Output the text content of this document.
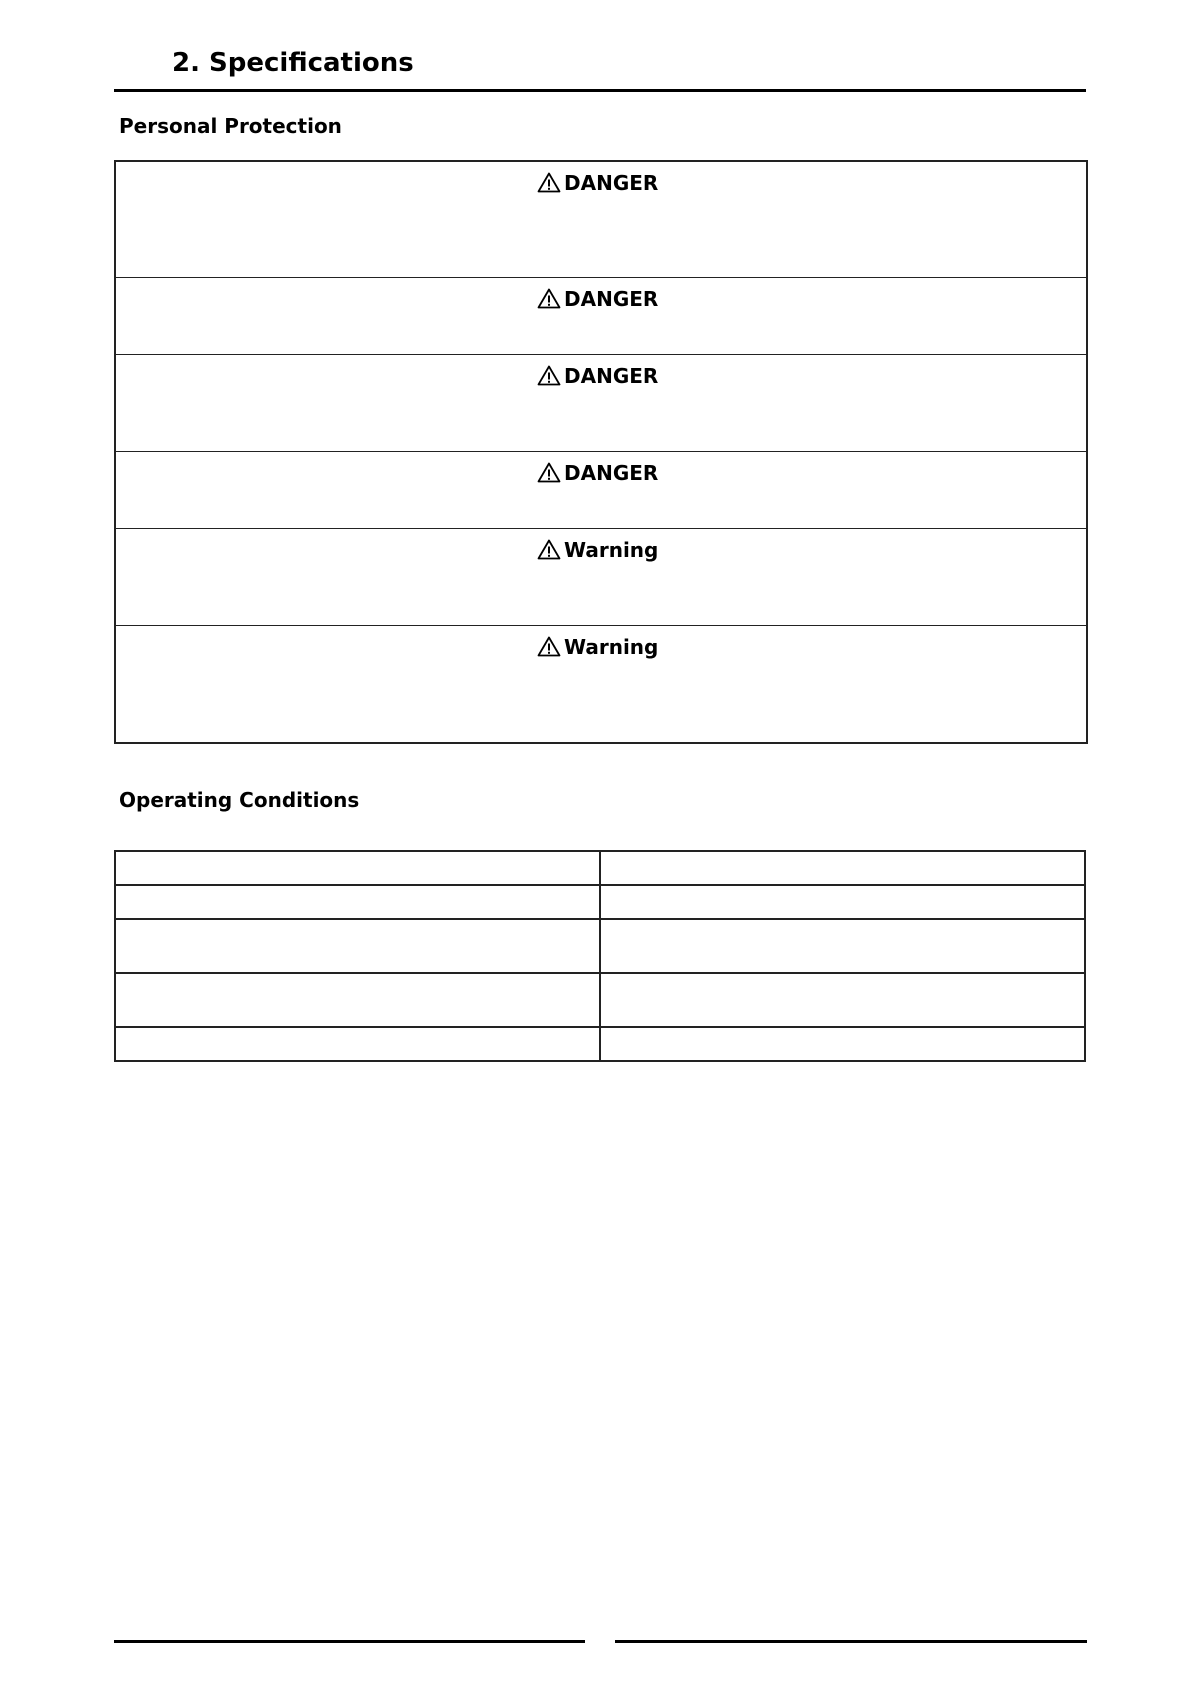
2. Specifications
Personal Protection
DANGER
DANGER
DANGER
DANGER
Warning
Warning
Operating Conditions
